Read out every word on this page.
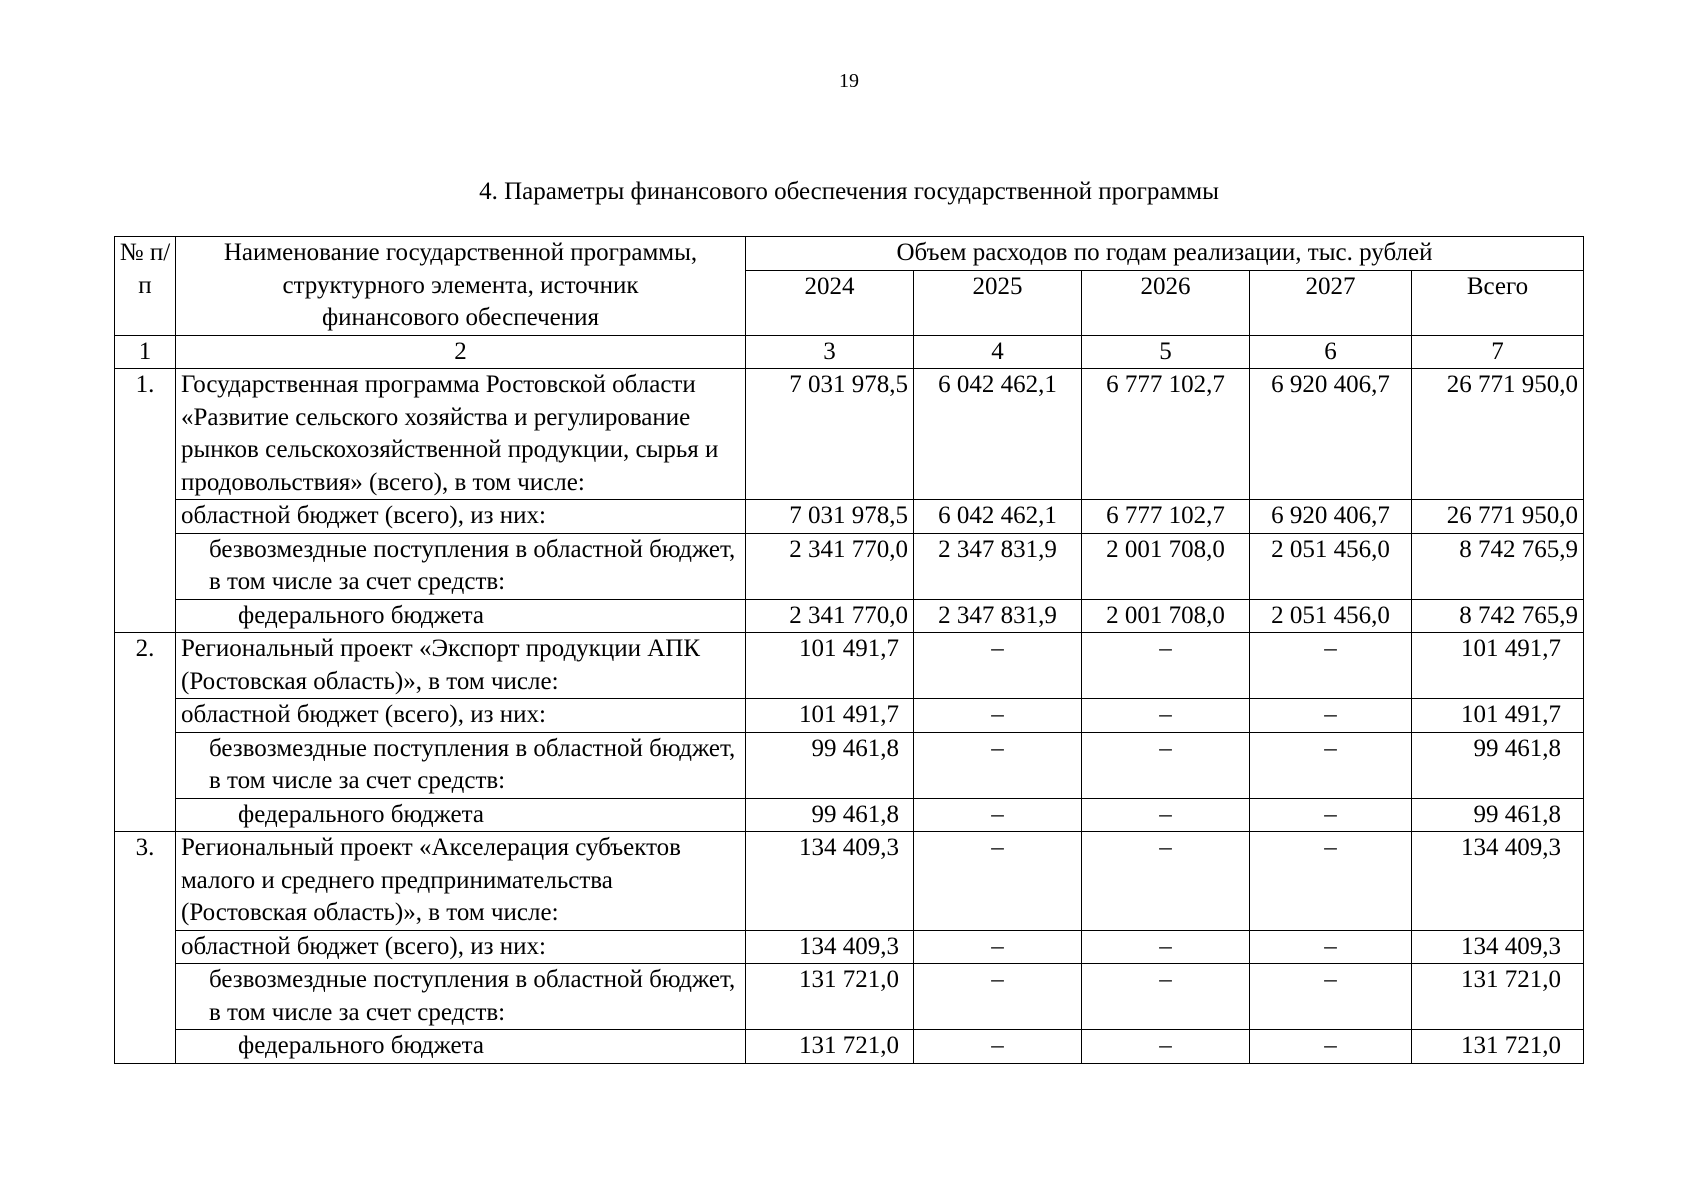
19
4. Параметры финансового обеспечения государственной программы
№ п/п	Наименование государственной программы, структурного элемента, источник финансового обеспечения	Объем расходов по годам реализации, тыс. рублей				
		2024	2025	2026	2027	Всего
1	2	3	4	5	6	7
1.	Государственная программа Ростовской области «Развитие сельского хозяйства и регулирование рынков сельскохозяйственной продукции, сырья и продовольствия» (всего), в том числе:	7 031 978,5	6 042 462,1	6 777 102,7	6 920 406,7	26 771 950,0
	областной бюджет (всего), из них:	7 031 978,5	6 042 462,1	6 777 102,7	6 920 406,7	26 771 950,0
	безвозмездные поступления в областной бюджет, в том числе за счет средств:	2 341 770,0	2 347 831,9	2 001 708,0	2 051 456,0	8 742 765,9
	федерального бюджета	2 341 770,0	2 347 831,9	2 001 708,0	2 051 456,0	8 742 765,9
2.	Региональный проект «Экспорт продукции АПК (Ростовская область)», в том числе:	101 491,7	–	–	–	101 491,7
	областной бюджет (всего), из них:	101 491,7	–	–	–	101 491,7
	безвозмездные поступления в областной бюджет, в том числе за счет средств:	99 461,8	–	–	–	99 461,8
	федерального бюджета	99 461,8	–	–	–	99 461,8
3.	Региональный проект «Акселерация субъектов малого и среднего предпринимательства (Ростовская область)», в том числе:	134 409,3	–	–	–	134 409,3
	областной бюджет (всего), из них:	134 409,3	–	–	–	134 409,3
	безвозмездные поступления в областной бюджет, в том числе за счет средств:	131 721,0	–	–	–	131 721,0
	федерального бюджета	131 721,0	–	–	–	131 721,0
